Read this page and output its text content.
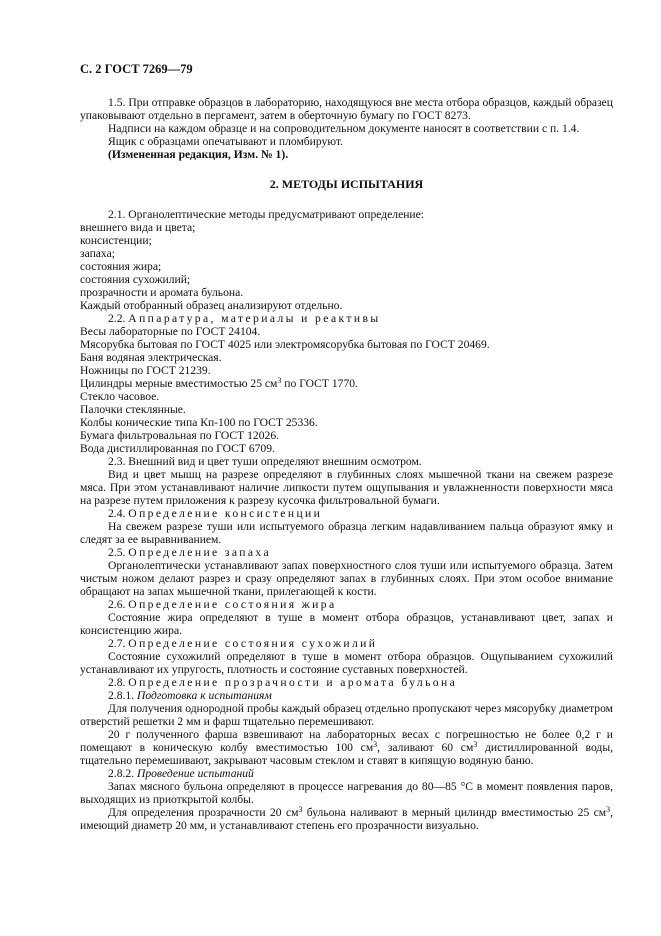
С. 2 ГОСТ 7269—79

1.5. При отправке образцов в лабораторию, находящуюся вне места отбора образцов, каждый образец упаковывают отдельно в пергамент, затем в оберточную бумагу по ГОСТ 8273.

Надписи на каждом образце и на сопроводительном документе наносят в соответствии с п. 1.4.

Ящик с образцами опечатывают и пломбируют.

(Измененная редакция, Изм. № 1).

2. МЕТОДЫ ИСПЫТАНИЯ

2.1. Органолептические методы предусматривают определение:

внешнего вида и цвета;

консистенции;

запаха;

состояния жира;

состояния сухожилий;

прозрачности и аромата бульона.

Каждый отобранный образец анализируют отдельно.

2.2. Аппаратура, материалы и реактивы

Весы лабораторные по ГОСТ 24104.

Мясорубка бытовая по ГОСТ 4025 или электромясорубка бытовая по ГОСТ 20469.

Баня водяная электрическая.

Ножницы по ГОСТ 21239.

Цилиндры мерные вместимостью 25 $см^3$ по ГОСТ 1770.

Стекло часовое.

Палочки стеклянные.

Колбы конические типа Кп-100 по ГОСТ 25336.

Бумага фильтровальная по ГОСТ 12026.

Вода дистиллированная по ГОСТ 6709.

2.3. Внешний вид и цвет туши определяют внешним осмотром.

Вид и цвет мышц на разрезе определяют в глубинных слоях мышечной ткани на свежем разрезе мяса. При этом устанавливают наличие липкости путем ощупывания и увлажненности поверхности мяса на разрезе путем приложения к разрезу кусочка фильтровальной бумаги.

2.4. Определение консистенции

На свежем разрезе туши или испытуемого образца легким надавливанием пальца образуют ямку и следят за ее выравниванием.

2.5. Определение запаха

Органолептически устанавливают запах поверхностного слоя туши или испытуемого образца. Затем чистым ножом делают разрез и сразу определяют запах в глубинных слоях. При этом особое внимание обращают на запах мышечной ткани, прилегающей к кости.

2.6. Определение состояния жира

Состояние жира определяют в туше в момент отбора образцов, устанавливают цвет, запах и консистенцию жира.

2.7. Определение состояния сухожилий

Состояние сухожилий определяют в туше в момент отбора образцов. Ощупыванием сухожилий устанавливают их упругость, плотность и состояние суставных поверхностей.

2.8. Определение прозрачности и аромата бульона

2.8.1. Подготовка к испытаниям

Для получения однородной пробы каждый образец отдельно пропускают через мясорубку диаметром отверстий решетки 2 мм и фарш тщательно перемешивают.

20 г полученного фарша взвешивают на лабораторных весах с погрешностью не более 0,2 г и помещают в коническую колбу вместимостью 100 $см^3$, заливают 60 $см^3$ дистиллированной воды, тщательно перемешивают, закрывают часовым стеклом и ставят в кипящую водяную баню.

2.8.2. Проведение испытаний

Запах мясного бульона определяют в процессе нагревания до 80—85 °С в момент появления паров, выходящих из приоткрытой колбы.

Для определения прозрачности 20 $см^3$ бульона наливают в мерный цилиндр вместимостью 25 $см^3$, имеющий диаметр 20 мм, и устанавливают степень его прозрачности визуально.
